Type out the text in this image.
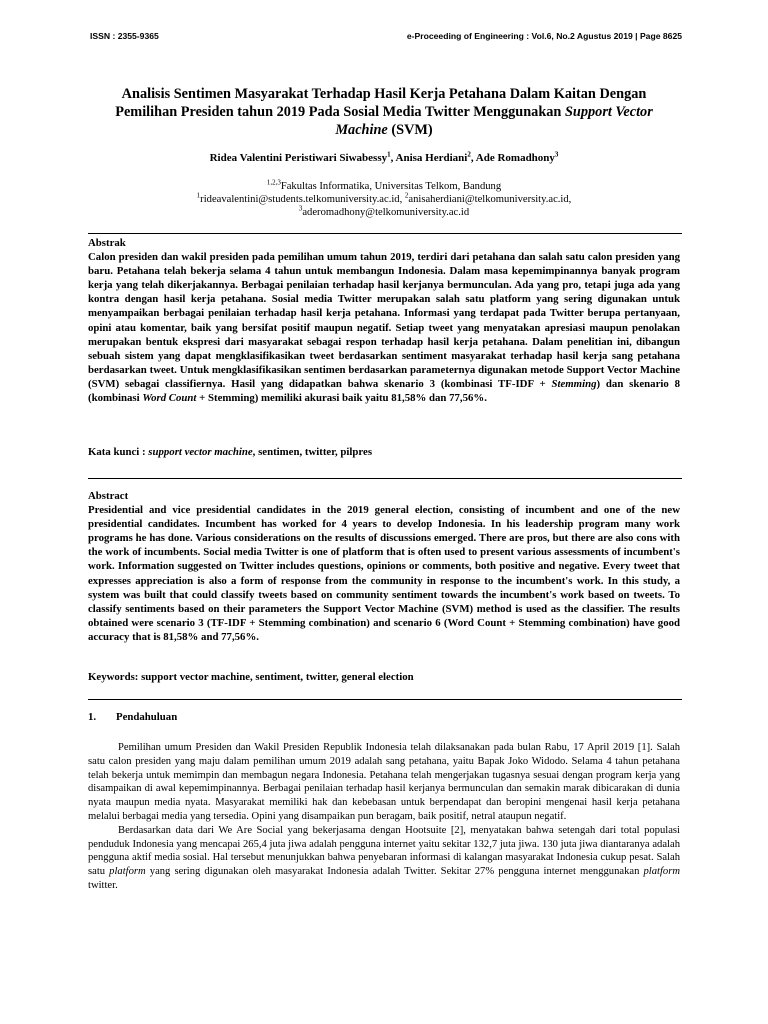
ISSN : 2355-9365	e-Proceeding of Engineering : Vol.6, No.2 Agustus 2019 | Page 8625
Analisis Sentimen Masyarakat Terhadap Hasil Kerja Petahana Dalam Kaitan Dengan Pemilihan Presiden tahun 2019 Pada Sosial Media Twitter Menggunakan Support Vector Machine (SVM)
Ridea Valentini Peristiwari Siwabessy$^1$, Anisa Herdiani$^2$, Ade Romadhony$^3$
$^{1,2,3}$Fakultas Informatika, Universitas Telkom, Bandung
$^1$rideavalentini@students.telkomuniversity.ac.id, $^2$anisaherdiani@telkomuniversity.ac.id,
$^3$aderomadhony@telkomuniversity.ac.id
Abstrak
Calon presiden dan wakil presiden pada pemilihan umum tahun 2019, terdiri dari petahana dan salah satu calon presiden yang baru. Petahana telah bekerja selama 4 tahun untuk membangun Indonesia. Dalam masa kepemimpinannya banyak program kerja yang telah dikerjakannya. Berbagai penilaian terhadap hasil kerjanya bermunculan. Ada yang pro, tetapi juga ada yang kontra dengan hasil kerja petahana. Sosial media Twitter merupakan salah satu platform yang sering digunakan untuk menyampaikan berbagai penilaian terhadap hasil kerja petahana. Informasi yang terdapat pada Twitter berupa pertanyaan, opini atau komentar, baik yang bersifat positif maupun negatif. Setiap tweet yang menyatakan apresiasi maupun penolakan merupakan bentuk ekspresi dari masyarakat sebagai respon terhadap hasil kerja petahana. Dalam penelitian ini, dibangun sebuah sistem yang dapat mengklasifikasikan tweet berdasarkan sentiment masyarakat terhadap hasil kerja sang petahana berdasarkan tweet. Untuk mengklasifikasikan sentimen berdasarkan parameternya digunakan metode Support Vector Machine (SVM) sebagai classifiernya. Hasil yang didapatkan bahwa skenario 3 (kombinasi TF-IDF + Stemming) dan skenario 8 (kombinasi Word Count + Stemming) memiliki akurasi baik yaitu 81,58% dan 77,56%.
Kata kunci : support vector machine, sentimen, twitter, pilpres
Abstract
Presidential and vice presidential candidates in the 2019 general election, consisting of incumbent and one of the new presidential candidates. Incumbent has worked for 4 years to develop Indonesia. In his leadership program many work programs he has done. Various considerations on the results of discussions emerged. There are pros, but there are also cons with the work of incumbents. Social media Twitter is one of platform that is often used to present various assessments of incumbent's work. Information suggested on Twitter includes questions, opinions or comments, both positive and negative. Every tweet that expresses appreciation is also a form of response from the community in response to the incumbent's work. In this study, a system was built that could classify tweets based on community sentiment towards the incumbent's work based on tweets. To classify sentiments based on their parameters the Support Vector Machine (SVM) method is used as the classifier. The results obtained were scenario 3 (TF-IDF + Stemming combination) and scenario 6 (Word Count + Stemming combination) have good accuracy that is 81,58% and 77,56%.
Keywords: support vector machine, sentiment, twitter, general election
1. Pendahuluan

Pemilihan umum Presiden dan Wakil Presiden Republik Indonesia telah dilaksanakan pada bulan Rabu, 17 April 2019 [1]. Salah satu calon presiden yang maju dalam pemilihan umum 2019 adalah sang petahana, yaitu Bapak Joko Widodo. Selama 4 tahun petahana telah bekerja untuk memimpin dan membagun negara Indonesia. Petahana telah mengerjakan tugasnya sesuai dengan program kerja yang disampaikan di awal kepemimpinannya. Berbagai penilaian terhadap hasil kerjanya bermunculan dan semakin marak dibicarakan di dunia nyata maupun media nyata. Masyarakat memiliki hak dan kebebasan untuk berpendapat dan beropini mengenai hasil kerja petahana melalui berbagai media yang tersedia. Opini yang disampaikan pun beragam, baik positif, netral ataupun negatif.

Berdasarkan data dari We Are Social yang bekerjasama dengan Hootsuite [2], menyatakan bahwa setengah dari total populasi penduduk Indonesia yang mencapai 265,4 juta jiwa adalah pengguna internet yaitu sekitar 132,7 juta jiwa. 130 juta jiwa diantaranya adalah pengguna aktif media sosial. Hal tersebut menunjukkan bahwa penyebaran informasi di kalangan masyarakat Indonesia cukup pesat. Salah satu platform yang sering digunakan oleh masyarakat Indonesia adalah Twitter. Sekitar 27% pengguna internet menggunakan platform twitter.
